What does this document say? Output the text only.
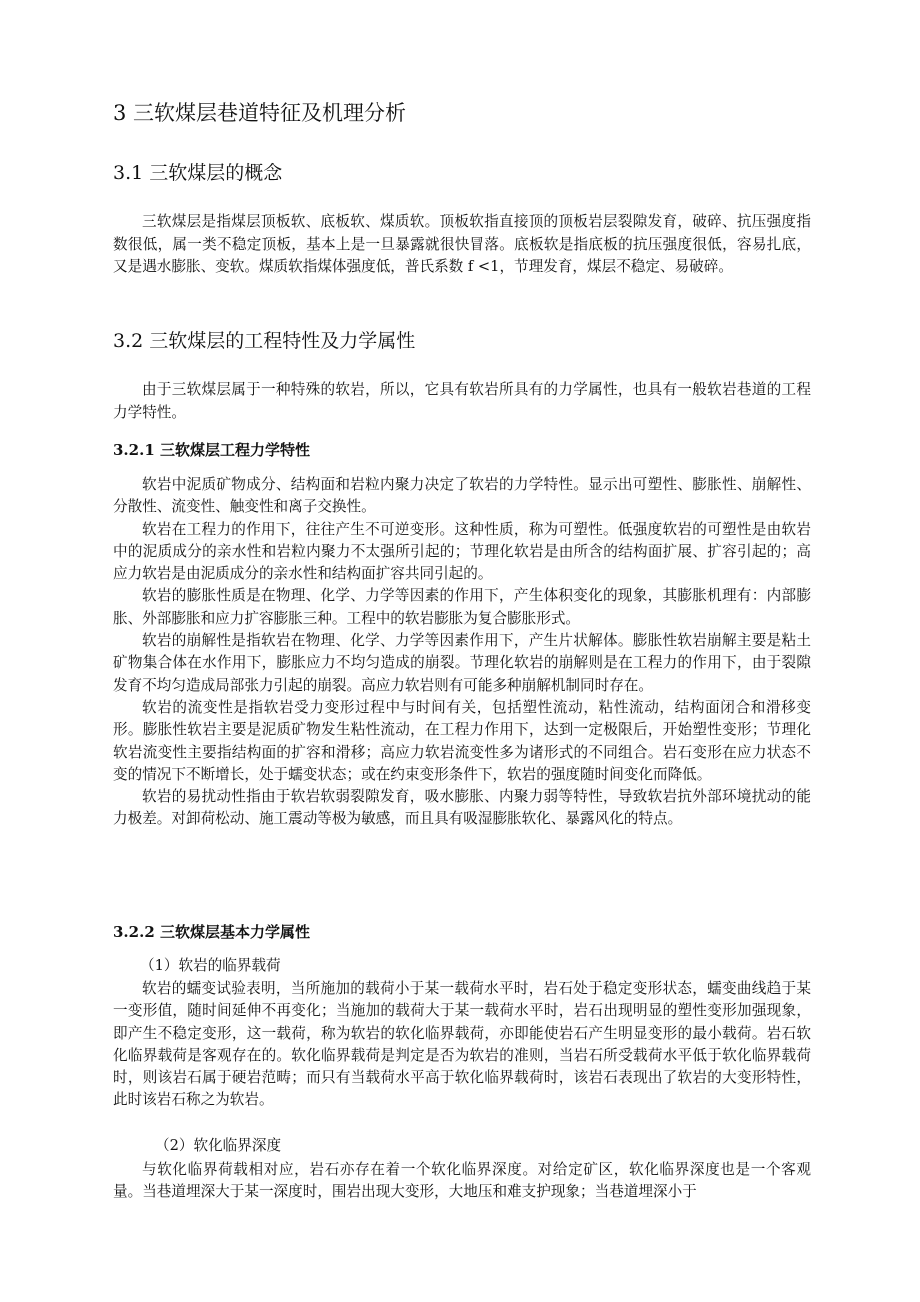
3 三软煤层巷道特征及机理分析
3.1 三软煤层的概念

三软煤层是指煤层顶板软、底板软、煤质软。顶板软指直接顶的顶板岩层裂隙发育，破碎、抗压强度指数很低，属一类不稳定顶板，基本上是一旦暴露就很快冒落。底板软是指底板的抗压强度很低，容易扎底，又是遇水膨胀、变软。煤质软指煤体强度低，普氏系数 f <1，节理发育，煤层不稳定、易破碎。

3.2 三软煤层的工程特性及力学属性

由于三软煤层属于一种特殊的软岩，所以，它具有软岩所具有的力学属性，也具有一般软岩巷道的工程力学特性。

3.2.1 三软煤层工程力学特性

软岩中泥质矿物成分、结构面和岩粒内聚力决定了软岩的力学特性。显示出可塑性、膨胀性、崩解性、分散性、流变性、触变性和离子交换性。

软岩在工程力的作用下，往往产生不可逆变形。这种性质，称为可塑性。低强度软岩的可塑性是由软岩中的泥质成分的亲水性和岩粒内聚力不太强所引起的；节理化软岩是由所含的结构面扩展、扩容引起的；高应力软岩是由泥质成分的亲水性和结构面扩容共同引起的。

软岩的膨胀性质是在物理、化学、力学等因素的作用下，产生体积变化的现象，其膨胀机理有：内部膨胀、外部膨胀和应力扩容膨胀三种。工程中的软岩膨胀为复合膨胀形式。

软岩的崩解性是指软岩在物理、化学、力学等因素作用下，产生片状解体。膨胀性软岩崩解主要是粘土矿物集合体在水作用下，膨胀应力不均匀造成的崩裂。节理化软岩的崩解则是在工程力的作用下，由于裂隙发育不均匀造成局部张力引起的崩裂。高应力软岩则有可能多种崩解机制同时存在。

软岩的流变性是指软岩受力变形过程中与时间有关，包括塑性流动，粘性流动，结构面闭合和滑移变形。膨胀性软岩主要是泥质矿物发生粘性流动，在工程力作用下，达到一定极限后，开始塑性变形；节理化软岩流变性主要指结构面的扩容和滑移；高应力软岩流变性多为诸形式的不同组合。岩石变形在应力状态不变的情况下不断增长，处于蠕变状态；或在约束变形条件下，软岩的强度随时间变化而降低。

软岩的易扰动性指由于软岩软弱裂隙发育，吸水膨胀、内聚力弱等特性，导致软岩抗外部环境扰动的能力极差。对卸荷松动、施工震动等极为敏感，而且具有吸湿膨胀软化、暴露风化的特点。

3.2.2 三软煤层基本力学属性

（1）软岩的临界载荷

软岩的蠕变试验表明，当所施加的载荷小于某一载荷水平时，岩石处于稳定变形状态，蠕变曲线趋于某一变形值，随时间延伸不再变化；当施加的载荷大于某一载荷水平时，岩石出现明显的塑性变形加强现象，即产生不稳定变形，这一载荷，称为软岩的软化临界载荷，亦即能使岩石产生明显变形的最小载荷。岩石软化临界载荷是客观存在的。软化临界载荷是判定是否为软岩的准则，当岩石所受载荷水平低于软化临界载荷时，则该岩石属于硬岩范畴；而只有当载荷水平高于软化临界载荷时，该岩石表现出了软岩的大变形特性，此时该岩石称之为软岩。

（2）软化临界深度

与软化临界荷载相对应，岩石亦存在着一个软化临界深度。对给定矿区，软化临界深度也是一个客观量。当巷道埋深大于某一深度时，围岩出现大变形，大地压和难支护现象；当巷道埋深小于
